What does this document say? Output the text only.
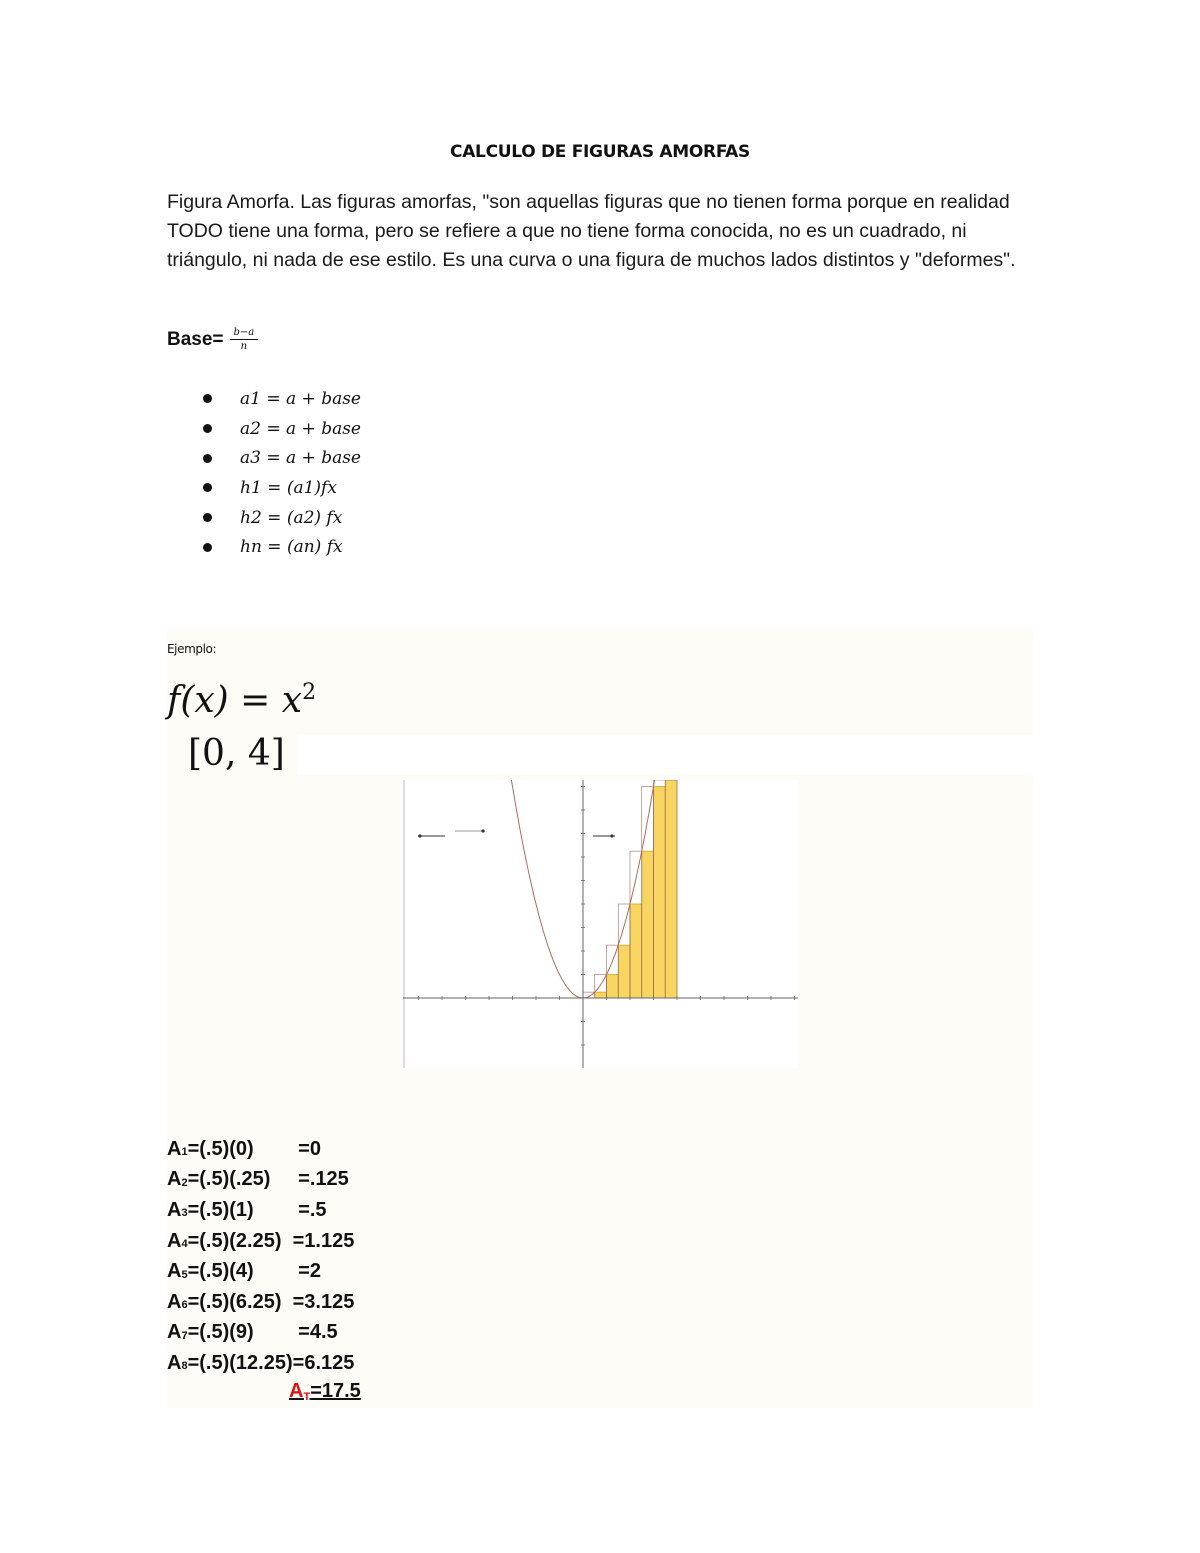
CALCULO DE FIGURAS AMORFAS
Figura Amorfa. Las figuras amorfas, "son aquellas figuras que no tienen forma porque en realidad TODO tiene una forma, pero se refiere a que no tiene forma conocida, no es un cuadrado, ni triángulo, ni nada de ese estilo. Es una curva o una figura de muchos lados distintos y "deformes".
Base= $\frac{b-a}{n}$
a1 = a + base
a2 = a + base
a3 = a + base
h1 = (a1)fx
h2 = (a2) fx
hn = (an) fx
Ejemplo:
$f(x) = x^2$
[0, 4]
$A_1 =(.5)(0) =0$
$A_2 =(.5)(.25) =.125$
$A_3 =(.5)(1) =.5$
$A_4 =(.5)(2.25) =1.125$
$A_5 =(.5)(4) =2$
$A_6 =(.5)(6.25) =3.125$
$A_7 =(.5)(9) =4.5$
$A_8 =(.5)(12.25) =6.125$
$A_T=17.5$
